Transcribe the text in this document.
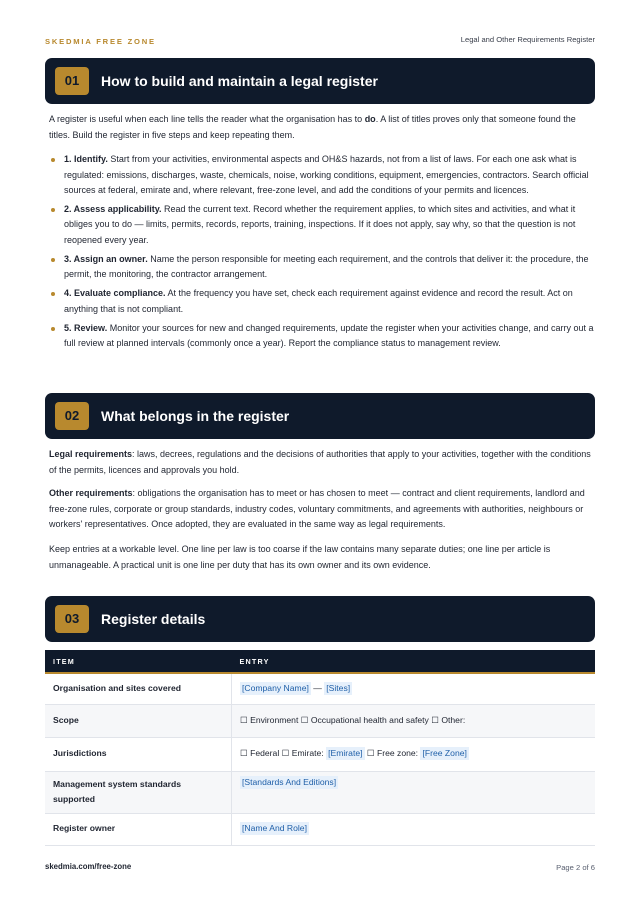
SKEDMIA FREE ZONE	Legal and Other Requirements Register
01	How to build and maintain a legal register
A register is useful when each line tells the reader what the organisation has to do. A list of titles proves only that someone found the titles. Build the register in five steps and keep repeating them.
1. Identify. Start from your activities, environmental aspects and OH&S hazards, not from a list of laws. For each one ask what is regulated: emissions, discharges, waste, chemicals, noise, working conditions, equipment, emergencies, contractors. Search official sources at federal, emirate and, where relevant, free-zone level, and add the conditions of your permits and licences.
2. Assess applicability. Read the current text. Record whether the requirement applies, to which sites and activities, and what it obliges you to do — limits, permits, records, reports, training, inspections. If it does not apply, say why, so that the question is not reopened every year.
3. Assign an owner. Name the person responsible for meeting each requirement, and the controls that deliver it: the procedure, the permit, the monitoring, the contractor arrangement.
4. Evaluate compliance. At the frequency you have set, check each requirement against evidence and record the result. Act on anything that is not compliant.
5. Review. Monitor your sources for new and changed requirements, update the register when your activities change, and carry out a full review at planned intervals (commonly once a year). Report the compliance status to management review.
02	What belongs in the register
Legal requirements: laws, decrees, regulations and the decisions of authorities that apply to your activities, together with the conditions of the permits, licences and approvals you hold.
Other requirements: obligations the organisation has to meet or has chosen to meet — contract and client requirements, landlord and free-zone rules, corporate or group standards, industry codes, voluntary commitments, and agreements with authorities, neighbours or workers' representatives. Once adopted, they are evaluated in the same way as legal requirements.
Keep entries at a workable level. One line per law is too coarse if the law contains many separate duties; one line per article is unmanageable. A practical unit is one line per duty that has its own owner and its own evidence.
03	Register details
ITEM	ENTRY
Organisation and sites covered	[Company Name] — [Sites]
Scope	☐ Environment ☐ Occupational health and safety ☐ Other:
Jurisdictions	☐ Federal ☐ Emirate: [Emirate] ☐ Free zone: [Free Zone]
Management system standards supported	[Standards And Editions]
Register owner	[Name And Role]
skedmia.com/free-zone	Page 2 of 6
